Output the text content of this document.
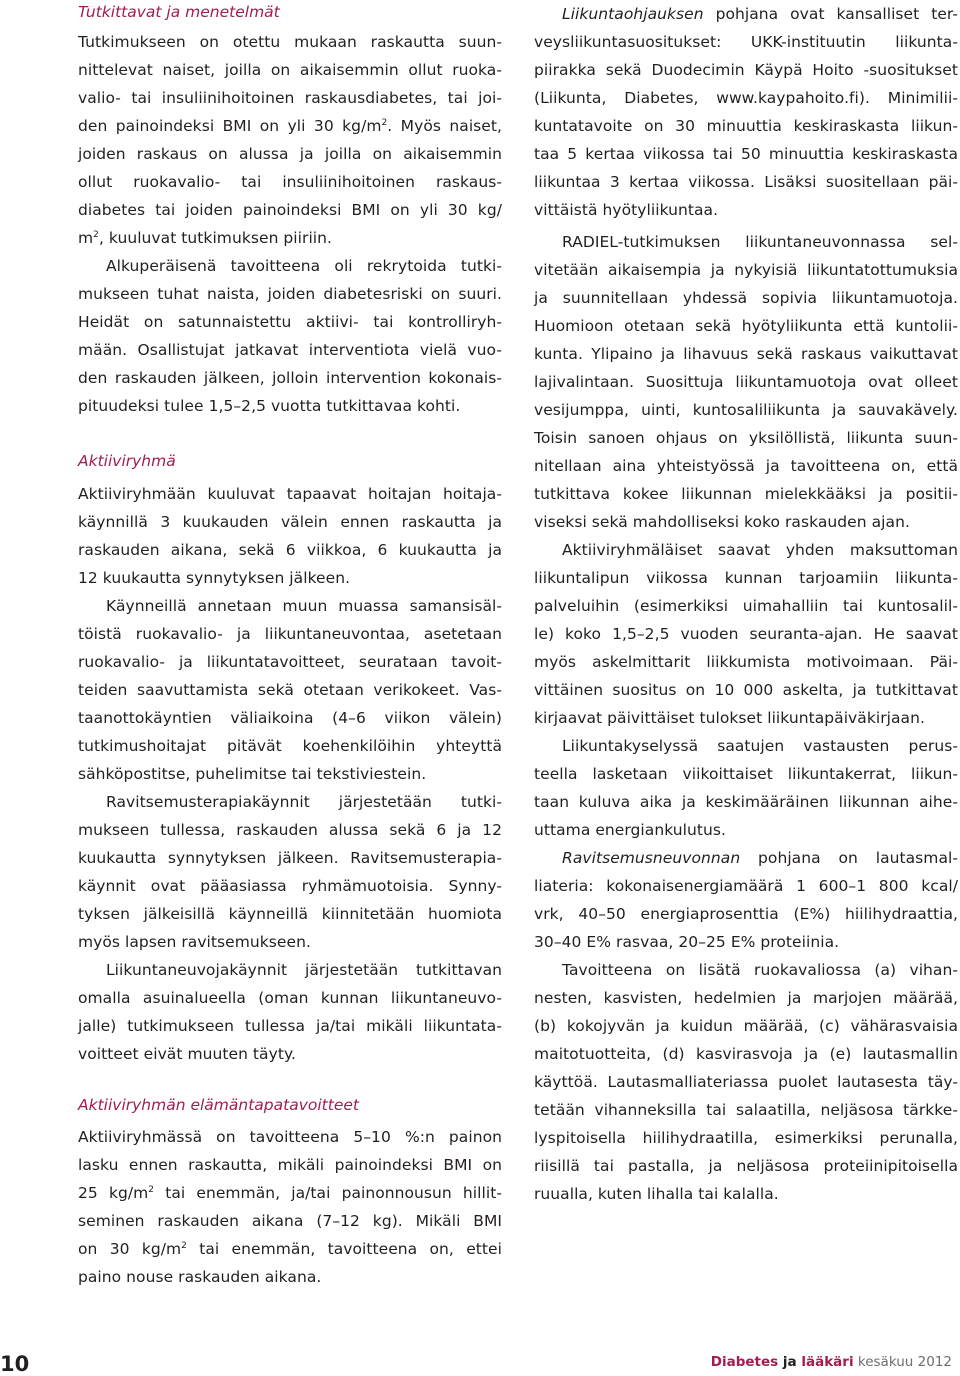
Tutkittavat ja menetelmät
Tutkimukseen on otettu mukaan raskautta suun-
nittelevat naiset, joilla on aikaisemmin ollut ruoka-
valio- tai insuliinihoitoinen raskausdiabetes, tai joi-
den painoindeksi BMI on yli 30 $kg/m^2$. Myös naiset,
joiden raskaus on alussa ja joilla on aikaisemmin
ollut ruokavalio- tai insuliinihoitoinen raskaus-
diabetes tai joiden painoindeksi BMI on yli 30 kg/
$m^2$, kuuluvat tutkimuksen piiriin.
Alkuperäisenä tavoitteena oli rekrytoida tutki-
mukseen tuhat naista, joiden diabetesriski on suuri.
Heidät on satunnaistettu aktiivi- tai kontrolliryh-
mään. Osallistujat jatkavat interventiota vielä vuo-
den raskauden jälkeen, jolloin intervention kokonais-
pituudeksi tulee 1,5–2,5 vuotta tutkittavaa kohti.
Aktiiviryhmään kuuluvat tapaavat hoitajan hoitaja-
käynnillä 3 kuukauden välein ennen raskautta ja
raskauden aikana, sekä 6 viikkoa, 6 kuukautta ja
12 kuukautta synnytyksen jälkeen.
Käynneillä annetaan muun muassa samansisäl-
töistä ruokavalio- ja liikuntaneuvontaa, asetetaan
ruokavalio- ja liikuntatavoitteet, seurataan tavoit-
teiden saavuttamista sekä otetaan verikokeet. Vas-
taanottokäyntien väliaikoina (4–6 viikon välein)
tutkimushoitajat pitävät koehenkilöihin yhteyttä
sähköpostitse, puhelimitse tai tekstiviestein.
Ravitsemusterapiakäynnit järjestetään tutki-
mukseen tullessa, raskauden alussa sekä 6 ja 12
kuukautta synnytyksen jälkeen. Ravitsemusterapia-
käynnit ovat pääasiassa ryhmämuotoisia. Synny-
tyksen jälkeisillä käynneillä kiinnitetään huomiota
myös lapsen ravitsemukseen.
Liikuntaneuvojakäynnit järjestetään tutkittavan
omalla asuinalueella (oman kunnan liikuntaneuvo-
jalle) tutkimukseen tullessa ja/tai mikäli liikuntata-
voitteet eivät muuten täyty.
Aktiiviryhmässä on tavoitteena 5–10 %:n painon
lasku ennen raskautta, mikäli painoindeksi BMI on
25 $kg/m^2$ tai enemmän, ja/tai painonnousun hillit-
seminen raskauden aikana (7–12 kg). Mikäli BMI
on 30 $kg/m^2$ tai enemmän, tavoitteena on, ettei
paino nouse raskauden aikana.
Aktiiviryhmä
Aktiiviryhmän elämäntapatavoitteet
Liikuntaohjauksen pohjana ovat kansalliset ter-
veysliikuntasuositukset: UKK-instituutin liikunta-
piirakka sekä Duodecimin Käypä Hoito -suositukset
(Liikunta, Diabetes, www.kaypahoito.fi). Minimilii-
kuntatavoite on 30 minuuttia keskiraskasta liikun-
taa 5 kertaa viikossa tai 50 minuuttia keskiraskasta
liikuntaa 3 kertaa viikossa. Lisäksi suositellaan päi-
vittäistä hyötyliikuntaa.
RADIEL-tutkimuksen liikuntaneuvonnassa sel-
vitetään aikaisempia ja nykyisiä liikuntatottumuksia
ja suunnitellaan yhdessä sopivia liikuntamuotoja.
Huomioon otetaan sekä hyötyliikunta että kuntolii-
kunta. Ylipaino ja lihavuus sekä raskaus vaikuttavat
lajivalintaan. Suosittuja liikuntamuotoja ovat olleet
vesijumppa, uinti, kuntosaliliikunta ja sauvakävely.
Toisin sanoen ohjaus on yksilöllistä, liikunta suun-
nitellaan aina yhteistyössä ja tavoitteena on, että
tutkittava kokee liikunnan mielekkääksi ja positii-
viseksi sekä mahdolliseksi koko raskauden ajan.
Aktiiviryhmäläiset saavat yhden maksuttoman
liikuntalipun viikossa kunnan tarjoamiin liikunta-
palveluihin (esimerkiksi uimahalliin tai kuntosalil-
le) koko 1,5–2,5 vuoden seuranta-ajan. He saavat
myös askelmittarit liikkumista motivoimaan. Päi-
vittäinen suositus on 10 000 askelta, ja tutkittavat
kirjaavat päivittäiset tulokset liikuntapäiväkirjaan.
Liikuntakyselyssä saatujen vastausten perus-
teella lasketaan viikoittaiset liikuntakerrat, liikun-
taan kuluva aika ja keskimääräinen liikunnan aihe-
uttama energiankulutus.
Ravitsemusneuvonnan pohjana on lautasmal-
liateria: kokonaisenergiamäärä 1 600–1 800 kcal/
vrk, 40–50 energiaprosenttia (E%) hiilihydraattia,
30–40 E% rasvaa, 20–25 E% proteiinia.
Tavoitteena on lisätä ruokavaliossa (a) vihan-
nesten, kasvisten, hedelmien ja marjojen määrää,
(b) kokojyvän ja kuidun määrää, (c) vähärasvaisia
maitotuotteita, (d) kasvirasvoja ja (e) lautasmallin
käyttöä. Lautasmalliateriassa puolet lautasesta täy-
tetään vihanneksilla tai salaatilla, neljäsosa tärkke-
lyspitoisella hiilihydraatilla, esimerkiksi perunalla,
riisillä tai pastalla, ja neljäsosa proteiinipitoisella
ruualla, kuten lihalla tai kalalla.
10	Diabetes ja lääkäri kesäkuu 2012
